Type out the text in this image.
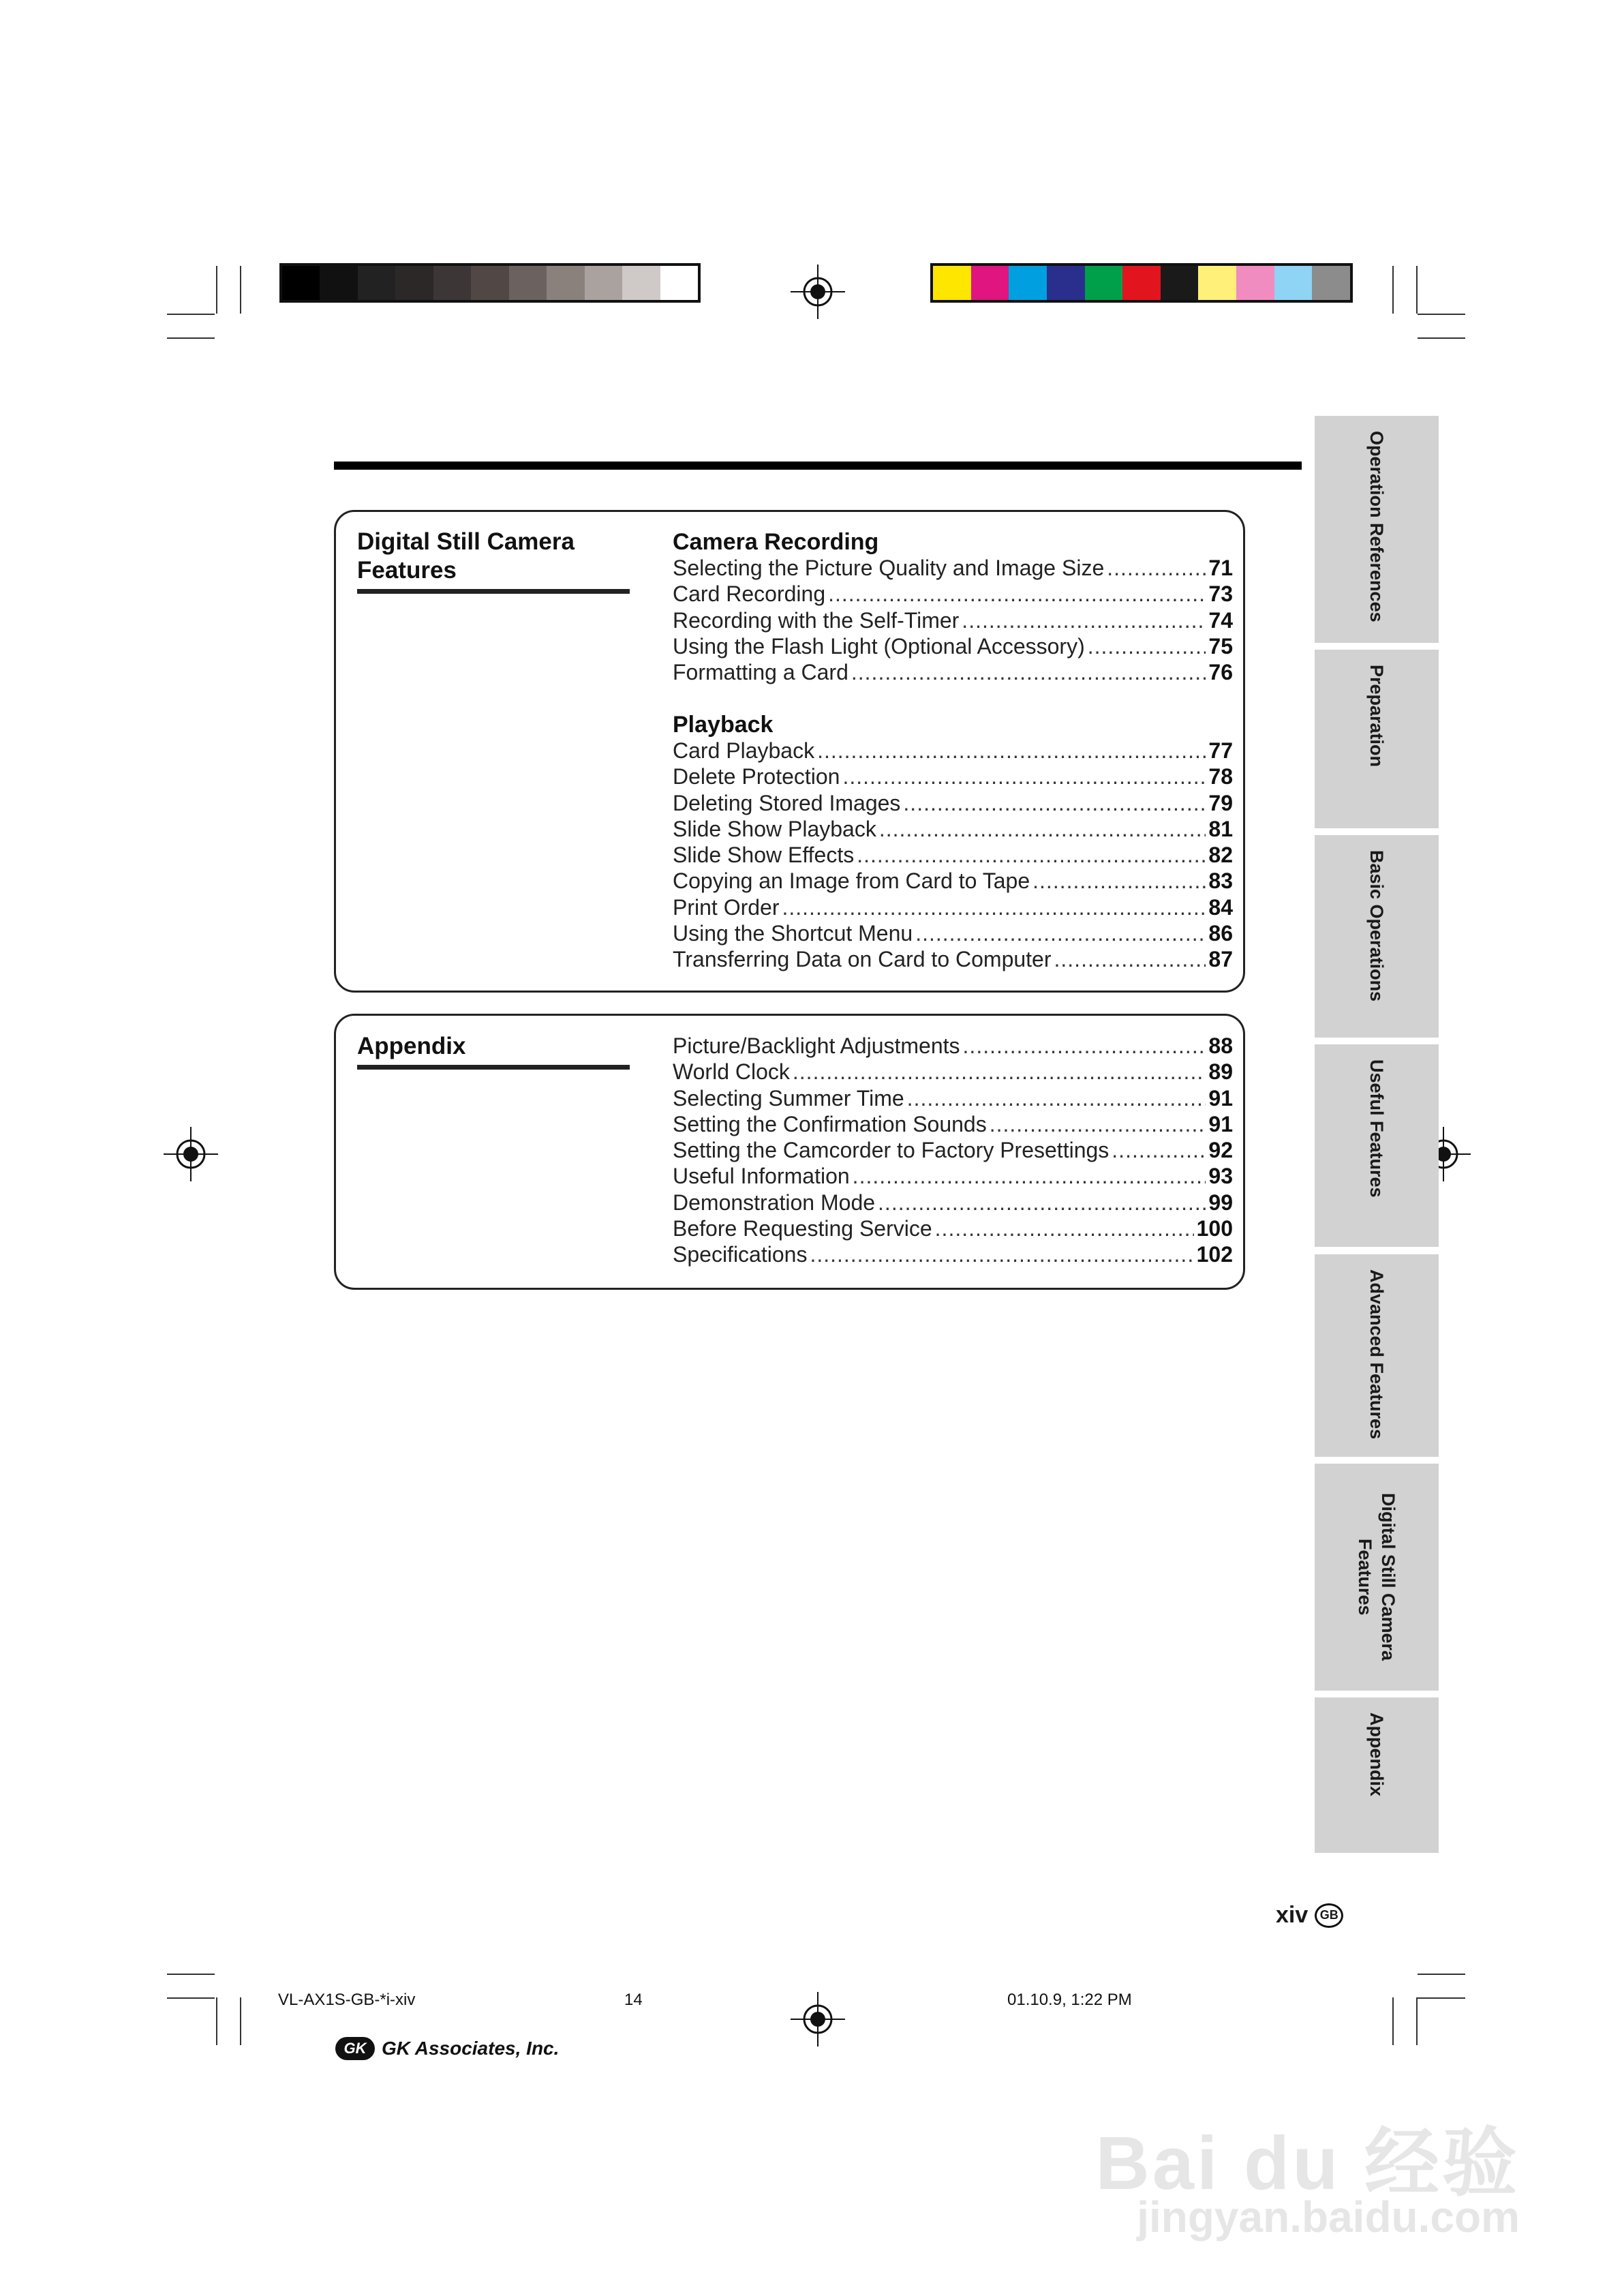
Digital Still Camera Features
Camera Recording
Selecting the Picture Quality and Image Size .....	71
Card Recording .....	73
Recording with the Self-Timer .....	74
Using the Flash Light (Optional Accessory) .....	75
Formatting a Card .....	76
Playback
Card Playback .....	77
Delete Protection .....	78
Deleting Stored Images .....	79
Slide Show Playback .....	81
Slide Show Effects .....	82
Copying an Image from Card to Tape .....	83
Print Order .....	84
Using the Shortcut Menu .....	86
Transferring Data on Card to Computer .....	87
Appendix	Picture/Backlight Adjustments .....	88
World Clock .....	89
Selecting Summer Time .....	91
Setting the Confirmation Sounds .....	91
Setting the Camcorder to Factory Presettings .....	92
Useful Information .....	93
Demonstration Mode .....	99
Before Requesting Service .....	100
Specifications .....	102
Operation References
Preparation
Basic Operations
Useful Features
Advanced Features
Digital Still Camera Features
Appendix
xiv GB
VL-AX1S-GB-*i-xiv	14	01.10.9, 1:22 PM
GK GK Associates, Inc.
Bai du 经验
jingyan.baidu.com
